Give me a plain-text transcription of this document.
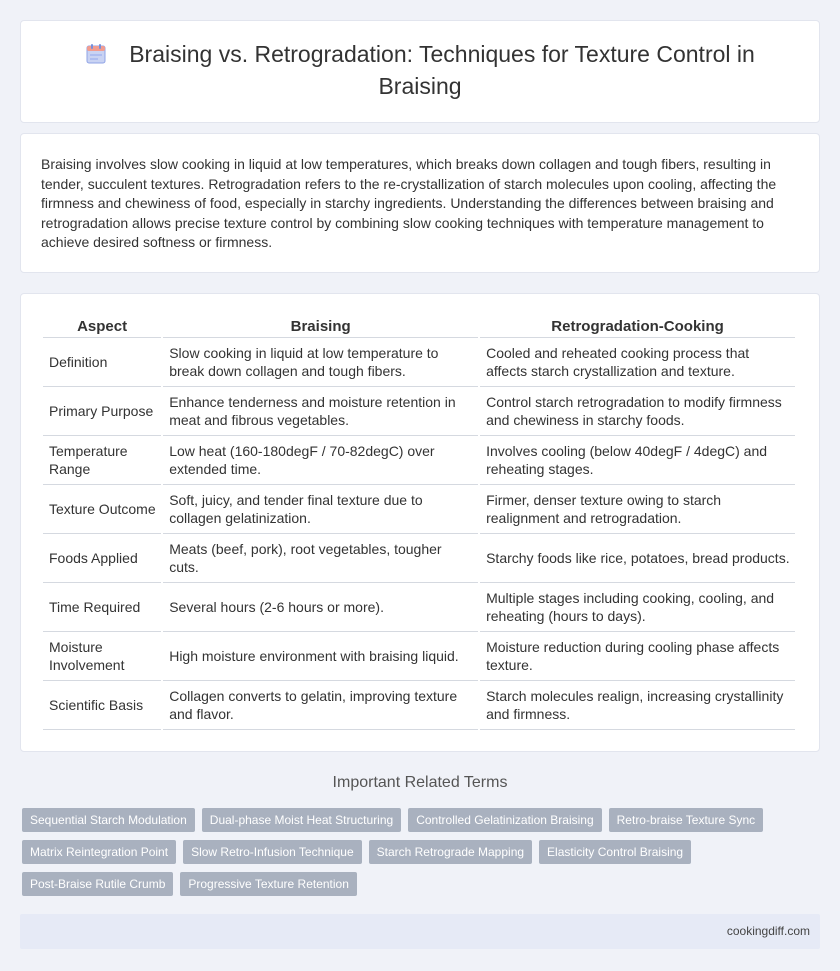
Braising vs. Retrogradation: Techniques for Texture Control in Braising
Braising involves slow cooking in liquid at low temperatures, which breaks down collagen and tough fibers, resulting in tender, succulent textures. Retrogradation refers to the re-crystallization of starch molecules upon cooling, affecting the firmness and chewiness of food, especially in starchy ingredients. Understanding the differences between braising and retrogradation allows precise texture control by combining slow cooking techniques with temperature management to achieve desired softness or firmness.
Aspect	Braising	Retrogradation-Cooking
Definition	Slow cooking in liquid at low temperature to break down collagen and tough fibers.	Cooled and reheated cooking process that affects starch crystallization and texture.
Primary Purpose	Enhance tenderness and moisture retention in meat and fibrous vegetables.	Control starch retrogradation to modify firmness and chewiness in starchy foods.
Temperature Range	Low heat (160-180degF / 70-82degC) over extended time.	Involves cooling (below 40degF / 4degC) and reheating stages.
Texture Outcome	Soft, juicy, and tender final texture due to collagen gelatinization.	Firmer, denser texture owing to starch realignment and retrogradation.
Foods Applied	Meats (beef, pork), root vegetables, tougher cuts.	Starchy foods like rice, potatoes, bread products.
Time Required	Several hours (2-6 hours or more).	Multiple stages including cooking, cooling, and reheating (hours to days).
Moisture Involvement	High moisture environment with braising liquid.	Moisture reduction during cooling phase affects texture.
Scientific Basis	Collagen converts to gelatin, improving texture and flavor.	Starch molecules realign, increasing crystallinity and firmness.
Important Related Terms
Sequential Starch Modulation	Dual-phase Moist Heat Structuring	Controlled Gelatinization Braising	Retro-braise Texture Sync
Matrix Reintegration Point	Slow Retro-Infusion Technique	Starch Retrograde Mapping	Elasticity Control Braising
Post-Braise Rutile Crumb	Progressive Texture Retention
cookingdiff.com
